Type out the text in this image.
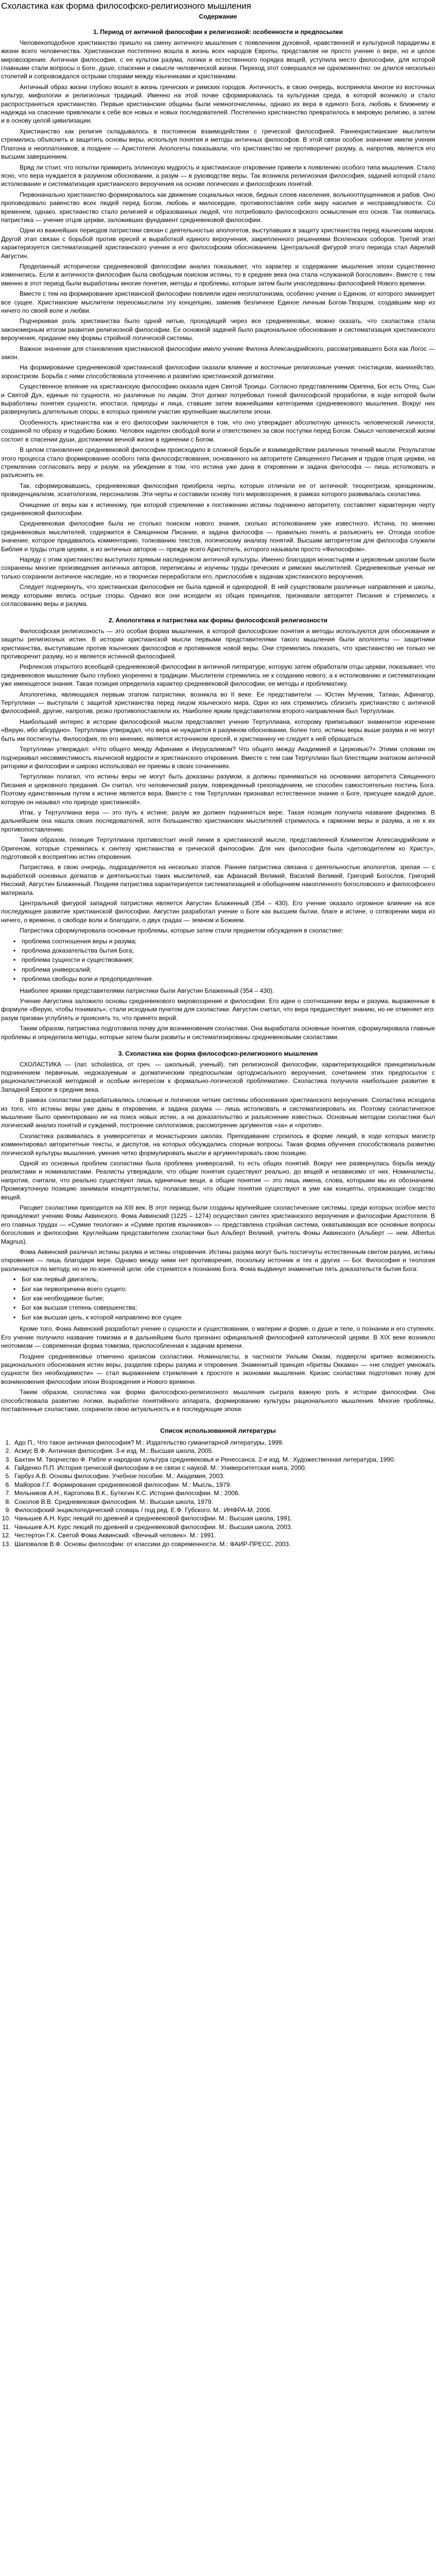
Схоластика как форма философско-религиозного мышления
Содержание
1. Период от античной философии к религиозной: особенности и предпосылки

Человекоподобное христианство пришло на смену античного мышления с появлением духовной, нравственной и культурной парадигмы в жизни всего человечества. Христианская постепенно вошла в жизнь всех народов Европы, представляя не просто учение о вере, но и целое мировоззрение. Античная философия, с ее культом разума, логики и естественного порядка вещей, уступила место философии, для которой главными стали вопросы о Боге, душе, спасении и смысле человеческой жизни. Переход этот совершался не одномоментно: он длился несколько столетий и сопровождался острыми спорами между язычниками и христианами.

Античный образ жизни глубоко вошел в жизнь греческих и римских городов. Античность, в свою очередь, восприняла многое из восточных культур, мифологии и религиозных традиций. Именно на этой почве сформировалась та культурная среда, в которой возникло и стало распространяться христианство. Первые христианские общины были немногочисленны, однако их вера в единого Бога, любовь к ближнему и надежда на спасение привлекали к себе все новых и новых последователей. Постепенно христианство превратилось в мировую религию, а затем и в основу целой цивилизации.

Христианство как религия складывалось в постоянном взаимодействии с греческой философией. Раннехристианские мыслители стремились объяснить и защитить основы веры, используя понятия и методы античных философов. В этой связи особое значение имели учения Платона и неоплатоников, а позднее — Аристотеля. Апологеты показывали, что христианство не противоречит разуму, а, напротив, является его высшим завершением.

Вряд ли стоит, что попытки примирить эллинскую мудрость и христианское откровение привели к появлению особого типа мышления. Стало ясно, что вера нуждается в разумном обосновании, а разум — в руководстве веры. Так возникла религиозная философия, задачей которой стало истолкование и систематизация христианского вероучения на основе логических и философских понятий.

Первоначально христианство формировалось как движение социальных низов, бедных слоев населения, вольноотпущенников и рабов. Оно проповедовало равенство всех людей перед Богом, любовь и милосердие, противопоставляя себя миру насилия и несправедливости. Со временем, однако, христианство стало религией и образованных людей, что потребовало философского осмысления его основ. Так появилась патристика — учение отцов церкви, заложивших фундамент средневековой философии.

Одни из важнейших периодов патристики связан с деятельностью апологетов, выступавших в защиту христианства перед языческим миром. Другой этап связан с борьбой против ересей и выработкой единого вероучения, закрепленного решениями Вселенских соборов. Третий этап характеризуется систематизацией христианского учения и его философским обоснованием. Центральной фигурой этого периода стал Аврелий Августин.

Проделанный исторически средневековой философии анализ показывает, что характер и содержание мышления эпохи существенно изменились. Если в античности философия была свободным поиском истины, то в средние века она стала «служанкой богословия». Вместе с тем именно в этот период были выработаны многие понятия, методы и проблемы, которые затем были унаследованы философией Нового времени.

Вместе с тем на формирование христианской философии повлияли идеи неоплатонизма, особенно учение о Едином, от которого эманирует все сущее. Христианские мыслители переосмыслили эту концепцию, заменив безличное Единое личным Богом-Творцом, создавшим мир из ничего по своей воле и любви.

Подчеркивая роль христианства было одной нитью, проходящей через все средневековье, можно сказать, что схоластика стала закономерным итогом развития религиозной философии. Ее основной задачей было рациональное обоснование и систематизация христианского вероучения, придание ему формы стройной логической системы.

Важное значение для становления христианской философии имело учение Филона Александрийского, рассматривавшего Бога как Логос — закон.

На формирование средневековой христианской философии оказали влияние и восточные религиозные учения: гностицизм, манихейство, зороастризм. Борьба с ними способствовала уточнению и развитию христианской догматики.

Существенное влияние на христианскую философию оказала идея Святой Троицы. Согласно представлениям Оригена, Бог есть Отец, Сын и Святой Дух, единые по сущности, но различные по лицам. Этот догмат потребовал тонкой философской проработки, в ходе которой были выработаны понятия сущности, ипостаси, природы и лица, ставшие затем важнейшими категориями средневекового мышления. Вокруг них развернулись длительные споры, в которых приняли участие крупнейшие мыслители эпохи.

Особенность христианства как и его философии заключается в том, что оно утверждает абсолютную ценность человеческой личности, созданной по образу и подобию Божию. Человек наделен свободой воли и ответственен за свои поступки перед Богом. Смысл человеческой жизни состоит в спасении души, достижении вечной жизни в единении с Богом.

В целом становление средневековой философии происходило в сложной борьбе и взаимодействии различных течений мысли. Результатом этого процесса стало формирование особого типа философствования, основанного на авторитете Священного Писания и трудов отцов церкви, на стремлении согласовать веру и разум, на убеждении в том, что истина уже дана в откровении и задача философа — лишь истолковать и разъяснить ее.

Так, сформировавшись, средневековая философия приобрела черты, которые отличали ее от античной: теоцентризм, креационизм, провиденциализм, эсхатологизм, персонализм. Эти черты и составили основу того мировоззрения, в рамках которого развивалась схоластика.

Очищение от веры как к истинному, при которой стремление к постижению истины подчинено авторитету, составляет характерную черту средневековой философии.

Средневековая философия была не столько поиском нового знания, сколько истолкованием уже известного. Истина, по мнению средневековых мыслителей, содержится в Священном Писании, и задача философа — правильно понять и разъяснить ее. Отсюда особое значение, которое придавалось комментарию, толкованию текстов, логическому анализу понятий. Высшим авторитетом для философа служили Библия и труды отцов церкви, а из античных авторов — прежде всего Аристотель, которого называли просто «Философом».

Наряду с этим христианство выступило прямым наследником античной культуры. Именно благодаря монастырям и церковным школам были сохранены многие произведения античных авторов, переписаны и изучены труды греческих и римских мыслителей. Средневековые ученые не только сохранили античное наследие, но и творчески переработали его, приспособив к задачам христианского вероучения.

Следует подчеркнуть, что христианская философия не была единой и однородной. В ней существовали различные направления и школы, между которыми велись острые споры. Однако все они исходили из общих принципов, признавали авторитет Писания и стремились к согласованию веры и разума.

2. Апологетика и патристика как формы философской религиозности

Философская религиозность — это особая форма мышления, в которой философские понятия и методы используются для обоснования и защиты религиозных истин. В истории христианской мысли первыми представителями такого мышления были апологеты — защитники христианства, выступавшие против языческих философов и противников новой веры. Они стремились показать, что христианство не только не противоречит разуму, но и является истинной философией.

Рефлексия открытого всеобщей средневековой философии в античной литературе, которую затем обработали отцы церкви, показывает, что средневековое мышление было глубоко укоренено в традиции. Мыслители стремились не к созданию нового, а к истолкованию и систематизации уже имеющегося знания. Такая позиция определила характер средневековой философии, ее методы и проблематику.

Апологетика, являющаяся первым этапом патристики, возникла во II веке. Ее представители — Юстин Мученик, Татиан, Афинагор, Тертуллиан — выступали с защитой христианства перед лицом языческого мира. Одни из них стремились сблизить христианство с античной философией, другие, напротив, резко противопоставляли их. Наиболее ярким представителем второго направления был Тертуллиан.

Наибольший интерес в истории философской мысли представляет учение Тертуллиана, которому приписывают знаменитое изречение «Верую, ибо абсурдно». Тертуллиан утверждал, что вера не нуждается в разумном обосновании, более того, истины веры выше разума и не могут быть им постигнуты. Философия, по его мнению, является источником ересей, и христианину не следует к ней обращаться.

Тертуллиан утверждал: «Что общего между Афинами и Иерусалимом? Что общего между Академией и Церковью?» Этими словами он подчеркивал несовместимость языческой мудрости и христианского откровения. Вместе с тем сам Тертуллиан был блестящим знатоком античной риторики и философии и широко использовал ее приемы в своих сочинениях.

Тертуллиан полагал, что истины веры не могут быть доказаны разумом, а должны приниматься на основании авторитета Священного Писания и церковного предания. Он считал, что человеческий разум, поврежденный грехопадением, не способен самостоятельно постичь Бога. Поэтому единственным путем к истине является вера. Вместе с тем Тертуллиан признавал естественное знание о Боге, присущее каждой душе, которую он называл «по природе христианкой».

Итак, у Тертуллиана вера — это путь к истине, разум же должен подчиняться вере. Такая позиция получила название фидеизма. В дальнейшем она нашла своих последователей, хотя большинство христианских мыслителей стремилось к гармонии веры и разума, а не к их противопоставлению.

Таким образом, позиция Тертуллиана противостоит иной линии в христианской мысли, представленной Климентом Александрийским и Оригеном, которые стремились к синтезу христианства и греческой философии. Для них философия была «детоводителем ко Христу», подготовкой к восприятию истин откровения.

Патристика, в свою очередь, подразделяется на несколько этапов. Ранняя патристика связана с деятельностью апологетов, зрелая — с выработкой основных догматов и деятельностью таких мыслителей, как Афанасий Великий, Василий Великий, Григорий Богослов, Григорий Нисский, Августин Блаженный. Поздняя патристика характеризуется систематизацией и обобщением накопленного богословского и философского материала.

Центральной фигурой западной патристики является Августин Блаженный (354 – 430). Его учение оказало огромное влияние на все последующее развитие христианской философии. Августин разработал учение о Боге как высшем бытии, благе и истине, о сотворении мира из ничего, о времени, о свободе воли и благодати, о двух градах — земном и Божием.

Патристика сформулировала основные проблемы, которые затем стали предметом обсуждения в схоластике:

▪ проблема соотношения веры и разума;
▪ проблема доказательства бытия Бога;
▪ проблема сущности и существования;
▪ проблема универсалий;
▪ проблема свободы воли и предопределения.

Наиболее яркими представителями патристики были Августин Блаженный (354 – 430).

Учение Августина заложило основы средневекового мировоззрения и философии. Его идеи о соотношении веры и разума, выраженные в формуле «Верую, чтобы понимать», стали исходным пунктом для схоластики. Августин считал, что вера предшествует знанию, но не отменяет его: разум призван углублять и прояснять то, что принято верой.

Таким образом, патристика подготовила почву для возникновения схоластики. Она выработала основные понятия, сформулировала главные проблемы и определила методы, которые затем были развиты и систематизированы средневековыми схоластами.

3. Схоластика как форма философско-религиозного мышления

СХОЛАСТИКА — (лат. scholastica, от греч. — школьный, ученый), тип религиозной философии, характеризующийся принципиальным подчинением первичным, недоказуемым и догматическим предпосылкам ортодоксального вероучения, сочетанием этих предпосылок с рационалистической методикой и особым интересом к формально-логической проблематике. Схоластика получила наибольшее развитие в Западной Европе в средние века.

В рамках схоластики разрабатывались сложные и логически четкие системы обоснования христианского вероучения. Схоластика исходила из того, что истины веры уже даны в откровении, и задача разума — лишь истолковать и систематизировать их. Поэтому схоластическое мышление было ориентировано не на поиск новых истин, а на доказательство и разъяснение известных. Основным методом схоластики был логический анализ понятий и суждений, построение силлогизмов, рассмотрение аргументов «за» и «против».

Схоластика развивалась в университетах и монастырских школах. Преподавание строилось в форме лекций, в ходе которых магистр комментировал авторитетные тексты, и диспутов, на которых обсуждались спорные вопросы. Такая форма обучения способствовала развитию логической культуры мышления, умения четко формулировать мысли и аргументировать свою позицию.

Одной из основных проблем схоластики была проблема универсалий, то есть общих понятий. Вокруг нее развернулась борьба между реалистами и номиналистами. Реалисты утверждали, что общие понятия существуют реально, до вещей и независимо от них. Номиналисты, напротив, считали, что реально существуют лишь единичные вещи, а общие понятия — это лишь имена, слова, которыми мы их обозначаем. Промежуточную позицию занимали концептуалисты, полагавшие, что общие понятия существуют в уме как концепты, отражающие сходство вещей.

Расцвет схоластики приходится на XIII век. В этот период были созданы крупнейшие схоластические системы, среди которых особое место принадлежит учению Фомы Аквинского. Фома Аквинский (1225 – 1274) осуществил синтез христианского вероучения и философии Аристотеля. В его главных трудах — «Сумме теологии» и «Сумме против язычников» — представлена стройная система, охватывающая все основные вопросы богословия и философии. Круглейшим представителем схоластики был Альберт Великий, учитель Фомы Аквинского (Альберт — нем. Albertus Magnus).

Фома Аквинский различал истины разума и истины откровения. Истины разума могут быть постигнуты естественным светом разума, истины откровения — лишь благодаря вере. Однако между ними нет противоречия, поскольку источник и тех и других — Бог. Философия и теология различаются по методу, но не по конечной цели: обе стремятся к познанию Бога. Фома выдвинул знаменитые пять доказательств бытия Бога:

▪ Бог как первый двигатель;
▪ Бог как первопричина всего сущего;
▪ Бог как необходимое бытие;
▪ Бог как высшая степень совершенства;
▪ Бог как высшая цель, к которой направлено все сущее.

Кроме того, Фома Аквинский разработал учение о сущности и существовании, о материи и форме, о душе и теле, о познании и его ступенях. Его учение получило название томизма и в дальнейшем было признано официальной философией католической церкви. В XIX веке возникло неотомизм — современная форма томизма, приспособленная к задачам времени.

Позднее средневековье отмечено кризисом схоластики. Номиналисты, в частности Уильям Оккам, подвергли критике возможность рационального обоснования истин веры, разделив сферы разума и откровения. Знаменитый принцип «бритвы Оккама» — «не следует умножать сущности без необходимости» — стал выражением стремления к простоте и экономии мышления. Кризис схоластики подготовил почву для возникновения философии эпохи Возрождения и Нового времени.

Таким образом, схоластика как форма философско-религиозного мышления сыграла важную роль в истории философии. Она способствовала развитию логики, выработке понятийного аппарата, формированию культуры рационального мышления. Многие проблемы, поставленные схоластами, сохранили свою актуальность и в последующие эпохи.

Список использованной литературы
1. Адо П., Что такое античная философия? М.: Издательство гуманитарной литературы, 1999.
2. Асмус В.Ф. Античная философия. 3-е изд. М.: Высшая школа, 2005.
3. Бахтин М. Творчество Ф. Рабле и народная культура средневековья и Ренессанса. 2-е изд. М.: Художественная литература, 1990.
4. Гайденко П.П. История греческой философии в ее связи с наукой. М.: Университетская книга, 2000.
5. Гарбуз А.В. Основы философии. Учебное пособие. М.: Академия, 2003.
6. Майоров Г.Г. Формирование средневековой философии. М.: Мысль, 1979.
7. Мельников А.Н., Каргопова В.К., Бутюгин К.С. История философии. М.: 2006.
8. Соколов В.В. Средневековая философия. М.: Высшая школа, 1979.
9. Философский энциклопедический словарь / под ред. Е.Ф. Губского. М.: ИНФРА-М, 2006.
10. Чанышев А.Н. Курс лекций по древней и средневековой философии. М.: Высшая школа, 1991.
11. Чанышев А.Н. Курс лекций по древней и средневековой философии. М.: Высшая школа, 2003.
12. Честертон Г.К. Святой Фома Аквинский. «Вечный человек». М.: 1991.
13. Шаповалов В.Ф. Основы философии: от классики до современности. М.: ФАИР-ПРЕСС, 2003.
